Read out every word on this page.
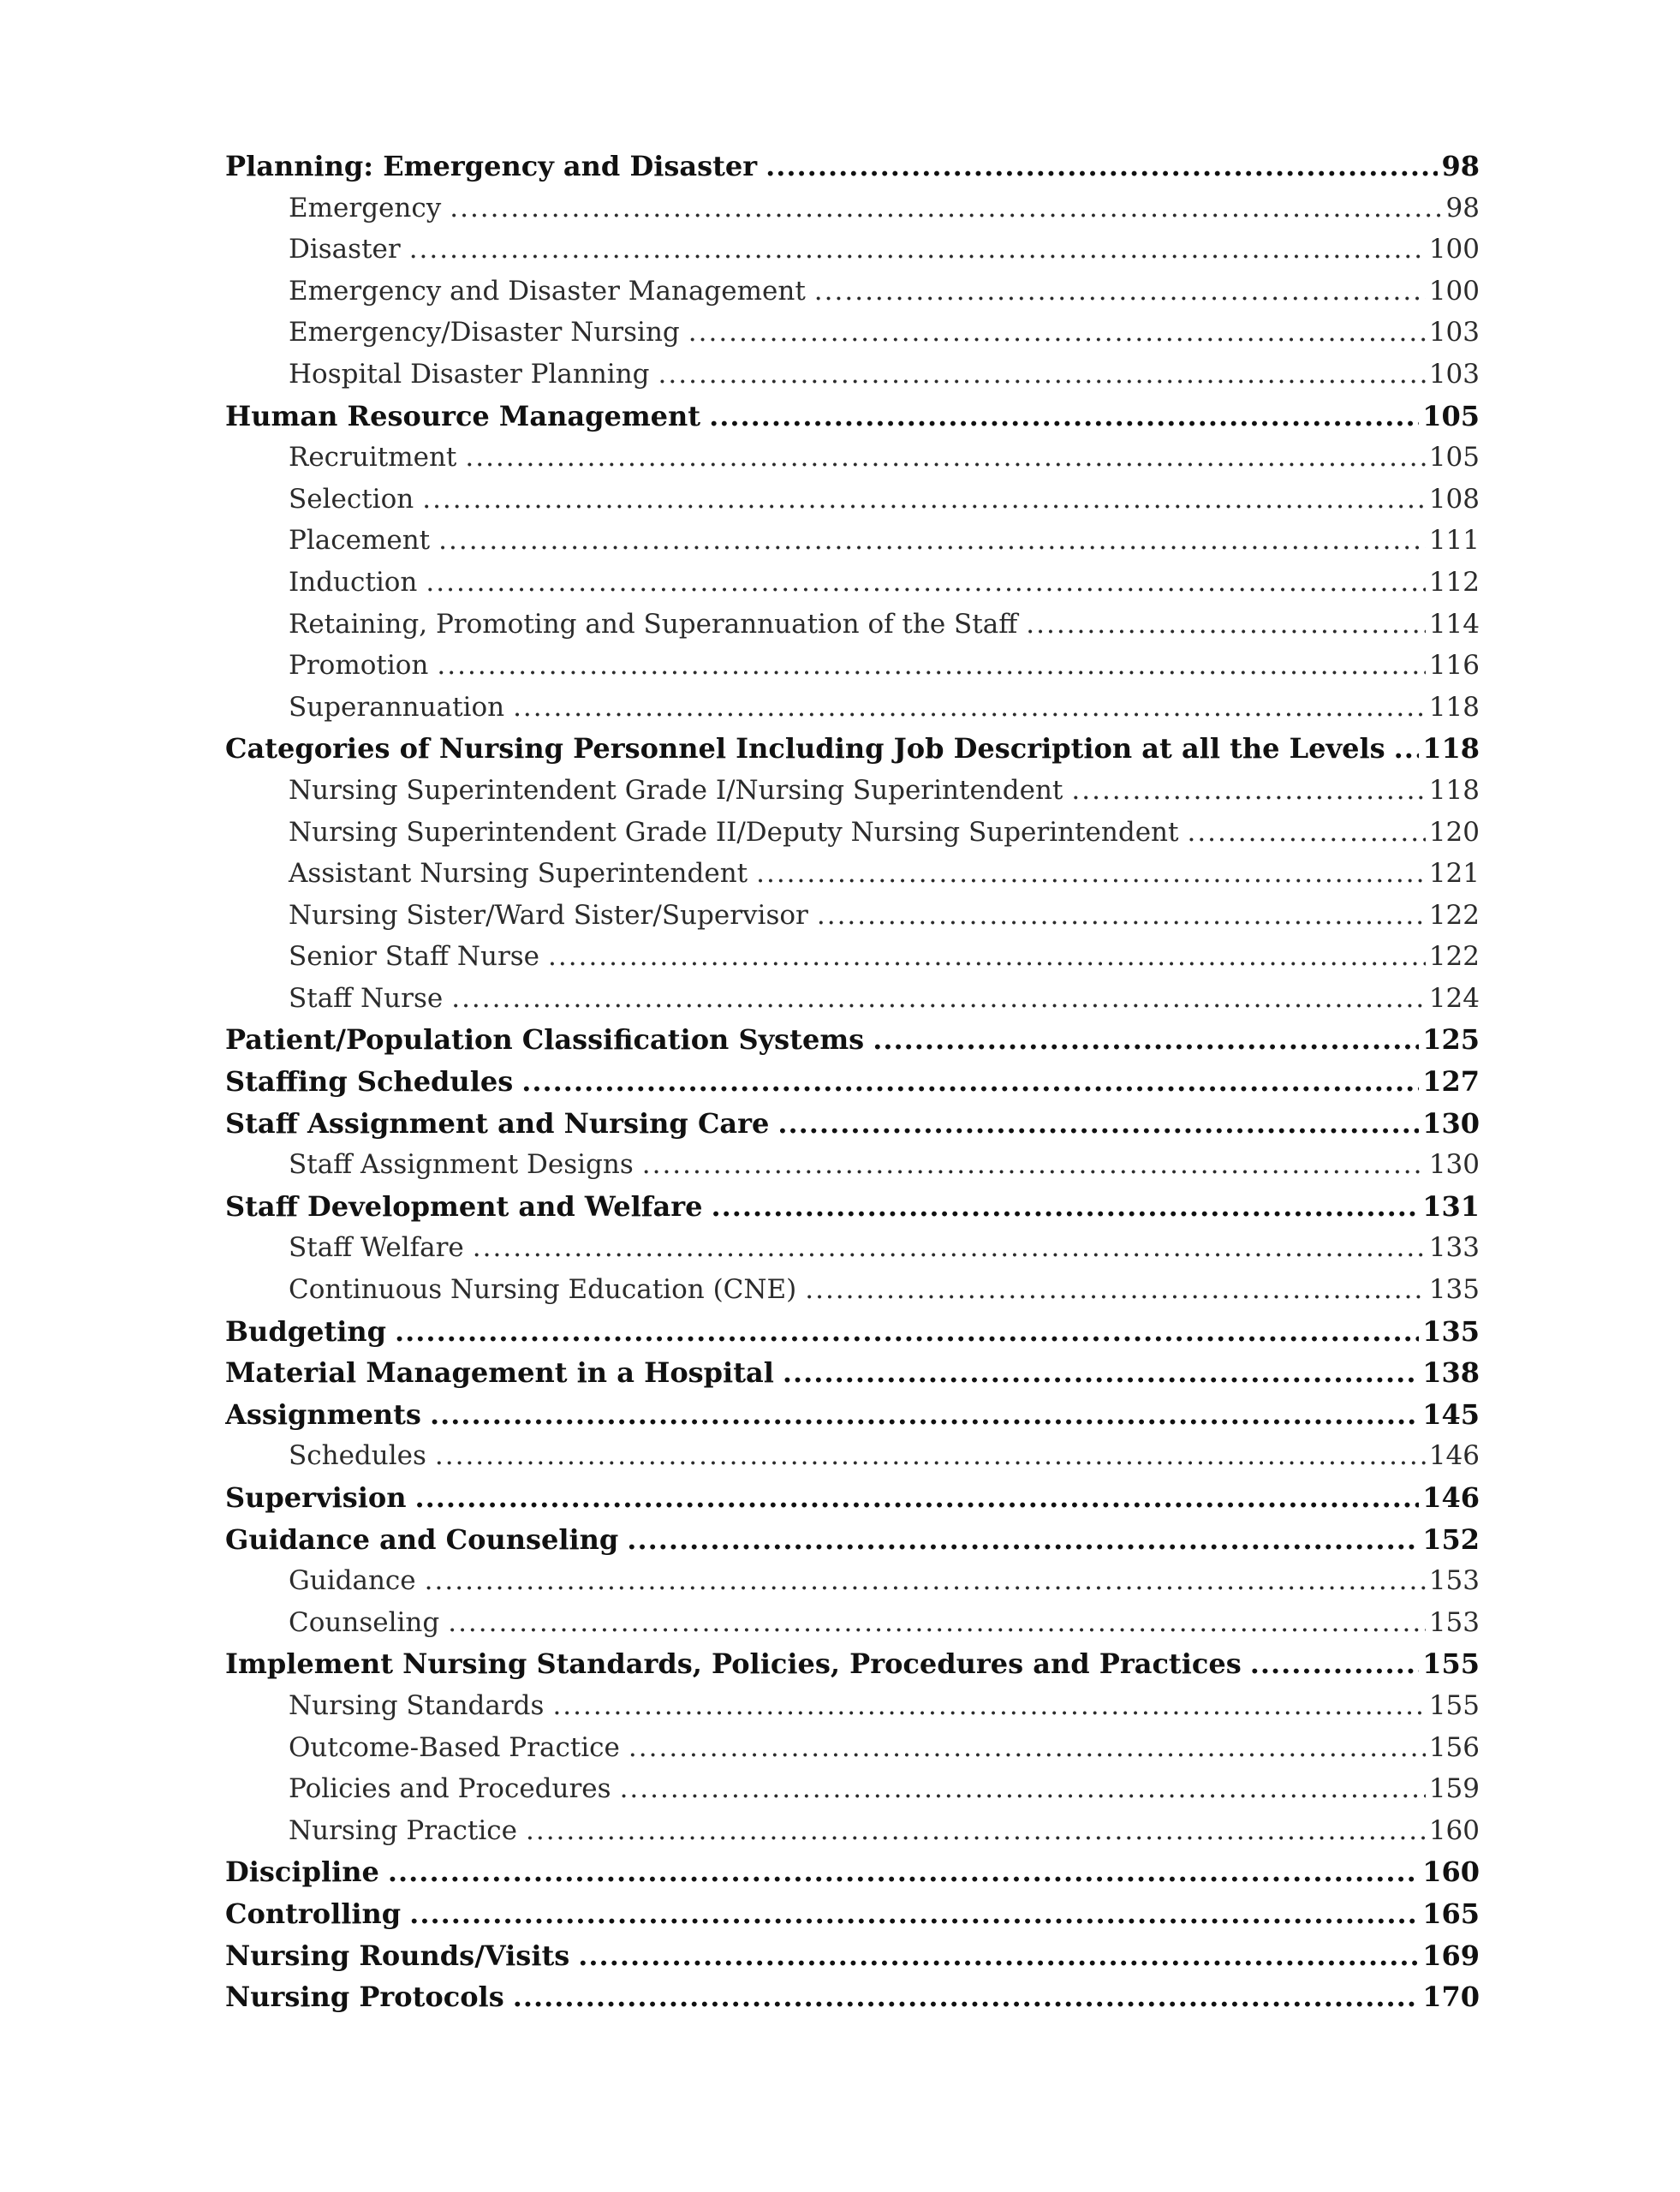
Planning: Emergency and Disaster .....	98
Emergency .....	98
Disaster .....	100
Emergency and Disaster Management .....	100
Emergency/Disaster Nursing .....	103
Hospital Disaster Planning .....	103
Human Resource Management .....	105
Recruitment .....	105
Selection .....	108
Placement .....	111
Induction .....	112
Retaining, Promoting and Superannuation of the Staff .....	114
Promotion .....	116
Superannuation .....	118
Categories of Nursing Personnel Including Job Description at all the Levels ..... 118
Nursing Superintendent Grade I/Nursing Superintendent .....	118
Nursing Superintendent Grade II/Deputy Nursing Superintendent .....	120
Assistant Nursing Superintendent .....	121
Nursing Sister/Ward Sister/Supervisor .....	122
Senior Staff Nurse .....	122
Staff Nurse .....	124
Patient/Population Classification Systems .....	125
Staffing Schedules .....	127
Staff Assignment and Nursing Care .....	130
Staff Assignment Designs .....	130
Staff Development and Welfare .....	131
Staff Welfare .....	133
Continuous Nursing Education (CNE) .....	135
Budgeting .....	135
Material Management in a Hospital .....	138
Assignments .....	145
Schedules .....	146
Supervision .....	146
Guidance and Counseling .....	152
Guidance .....	153
Counseling .....	153
Implement Nursing Standards, Policies, Procedures and Practices .....	155
Nursing Standards .....	155
Outcome-Based Practice .....	156
Policies and Procedures .....	159
Nursing Practice .....	160
Discipline .....	160
Controlling .....	165
Nursing Rounds/Visits .....	169
Nursing Protocols .....	170
